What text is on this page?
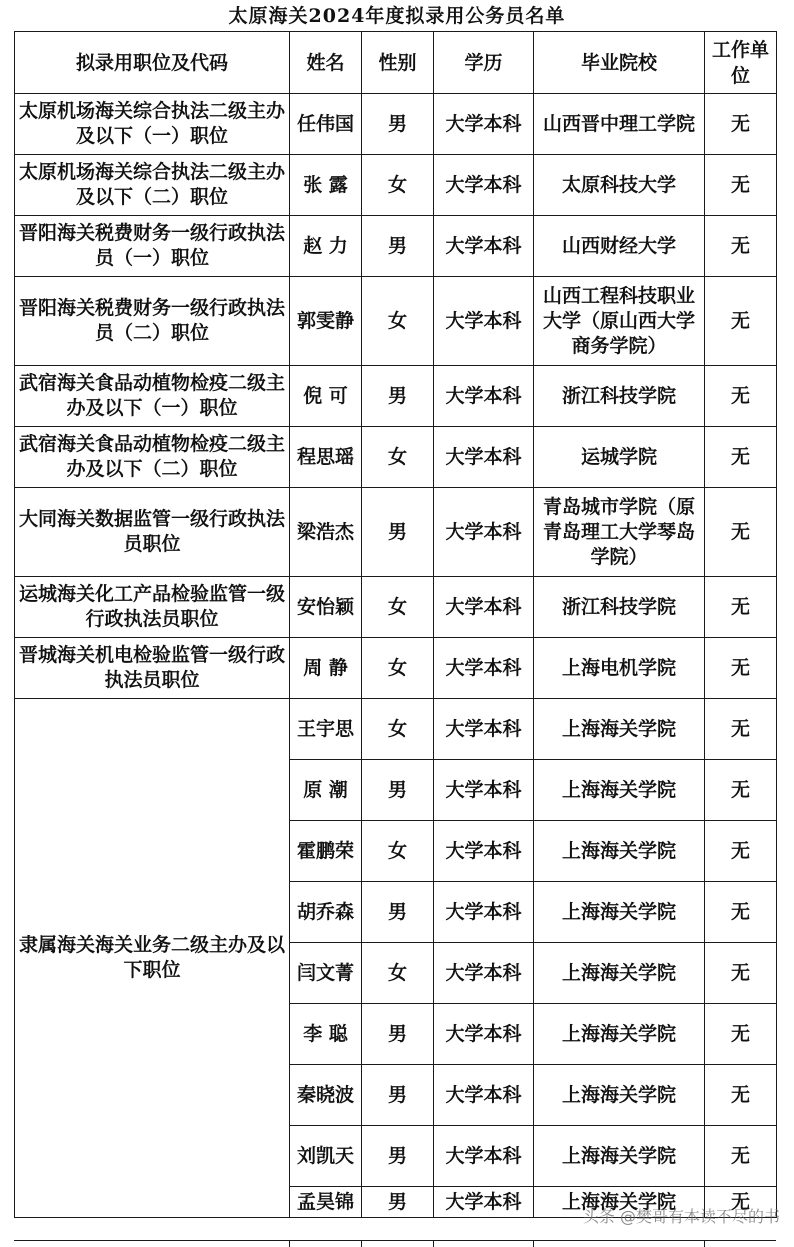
太原海关2024年度拟录用公务员名单
拟录用职位及代码	姓名	性别	学历	毕业院校	工作单位
太原机场海关综合执法二级主办及以下（一）职位	任伟国	男	大学本科	山西晋中理工学院	无
太原机场海关综合执法二级主办及以下（二）职位	张 露	女	大学本科	太原科技大学	无
晋阳海关税费财务一级行政执法员（一）职位	赵 力	男	大学本科	山西财经大学	无
晋阳海关税费财务一级行政执法员（二）职位	郭雯静	女	大学本科	山西工程科技职业大学（原山西大学商务学院）	无
武宿海关食品动植物检疫二级主办及以下（一）职位	倪 可	男	大学本科	浙江科技学院	无
武宿海关食品动植物检疫二级主办及以下（二）职位	程思瑶	女	大学本科	运城学院	无
大同海关数据监管一级行政执法员职位	梁浩杰	男	大学本科	青岛城市学院（原青岛理工大学琴岛学院）	无
运城海关化工产品检验监管一级行政执法员职位	安怡颖	女	大学本科	浙江科技学院	无
晋城海关机电检验监管一级行政执法员职位	周 静	女	大学本科	上海电机学院	无
隶属海关海关业务二级主办及以下职位	王宇思	女	大学本科	上海海关学院	无
	原 潮	男	大学本科	上海海关学院	无
	霍鹏荣	女	大学本科	上海海关学院	无
	胡乔森	男	大学本科	上海海关学院	无
	闫文菁	女	大学本科	上海海关学院	无
	李 聪	男	大学本科	上海海关学院	无
	秦晓波	男	大学本科	上海海关学院	无
	刘凯天	男	大学本科	上海海关学院	无
	孟昊锦	男	大学本科	上海海关学院	无
头条 @樊哥有本读不尽的书
